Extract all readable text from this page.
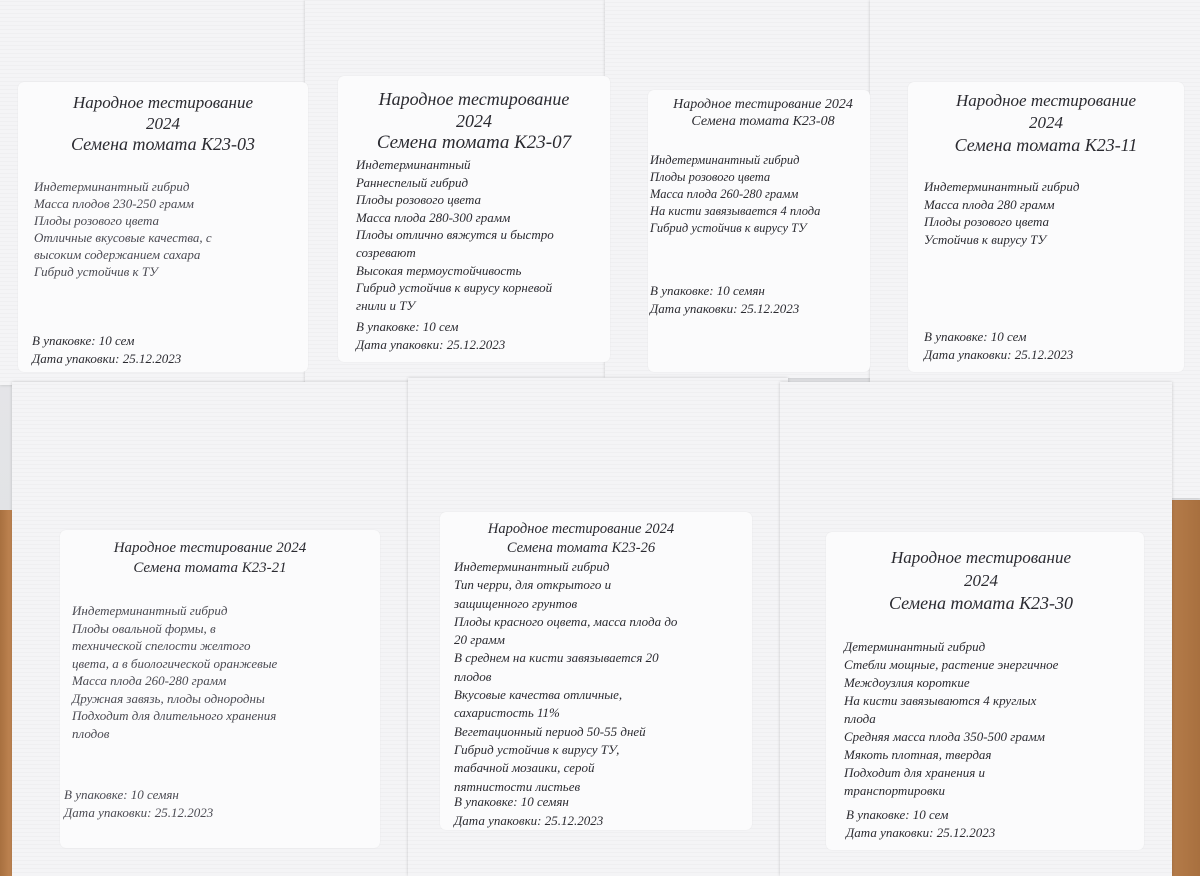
Народное тестирование
2024
Семена томата К23-03
Индетерминантный гибрид
Масса плодов 230-250 грамм
Плоды розового цвета
Отличные вкусовые качества, с
высоким содержанием сахара
Гибрид устойчив к ТУ
В упаковке: 10 сем
Дата упаковки: 25.12.2023
Народное тестирование
2024
Семена томата К23-07
Индетерминантный
Раннеспелый гибрид
Плоды розового цвета
Масса плода 280-300 грамм
Плоды отлично вяжутся и быстро
созревают
Высокая термоустойчивость
Гибрид устойчив к вирусу корневой
гнили и ТУ
В упаковке: 10 сем
Дата упаковки: 25.12.2023
Народное тестирование 2024
Семена томата К23-08
Индетерминантный гибрид
Плоды розового цвета
Масса плода 260-280 грамм
На кисти завязывается 4 плода
Гибрид устойчив к вирусу ТУ
В упаковке: 10 семян
Дата упаковки: 25.12.2023
Народное тестирование
2024
Семена томата К23-11
Индетерминантный гибрид
Масса плода 280 грамм
Плоды розового цвета
Устойчив к вирусу ТУ
В упаковке: 10 сем
Дата упаковки: 25.12.2023
Народное тестирование 2024
Семена томата К23-21
Индетерминантный гибрид
Плоды овальной формы, в
технической спелости желтого
цвета, а в биологической оранжевые
Масса плода 260-280 грамм
Дружная завязь, плоды однородны
Подходит для длительного хранения
плодов
В упаковке: 10 семян
Дата упаковки: 25.12.2023
Народное тестирование 2024
Семена томата К23-26
Индетерминантный гибрид
Тип черри, для открытого и
защищенного грунтов
Плоды красного оцвета, масса плода до
20 грамм
В среднем на кисти завязывается 20
плодов
Вкусовые качества отличные,
сахаристость 11%
Вегетационный период 50-55 дней
Гибрид устойчив к вирусу ТУ,
табачной мозаики, серой
пятнистости листьев
В упаковке: 10 семян
Дата упаковки: 25.12.2023
Народное тестирование
2024
Семена томата К23-30
Детерминантный гибрид
Стебли мощные, растение энергичное
Междоузлия короткие
На кисти завязываются 4 круглых
плода
Средняя масса плода 350-500 грамм
Мякоть плотная, твердая
Подходит для хранения и
транспортировки
В упаковке: 10 сем
Дата упаковки: 25.12.2023
